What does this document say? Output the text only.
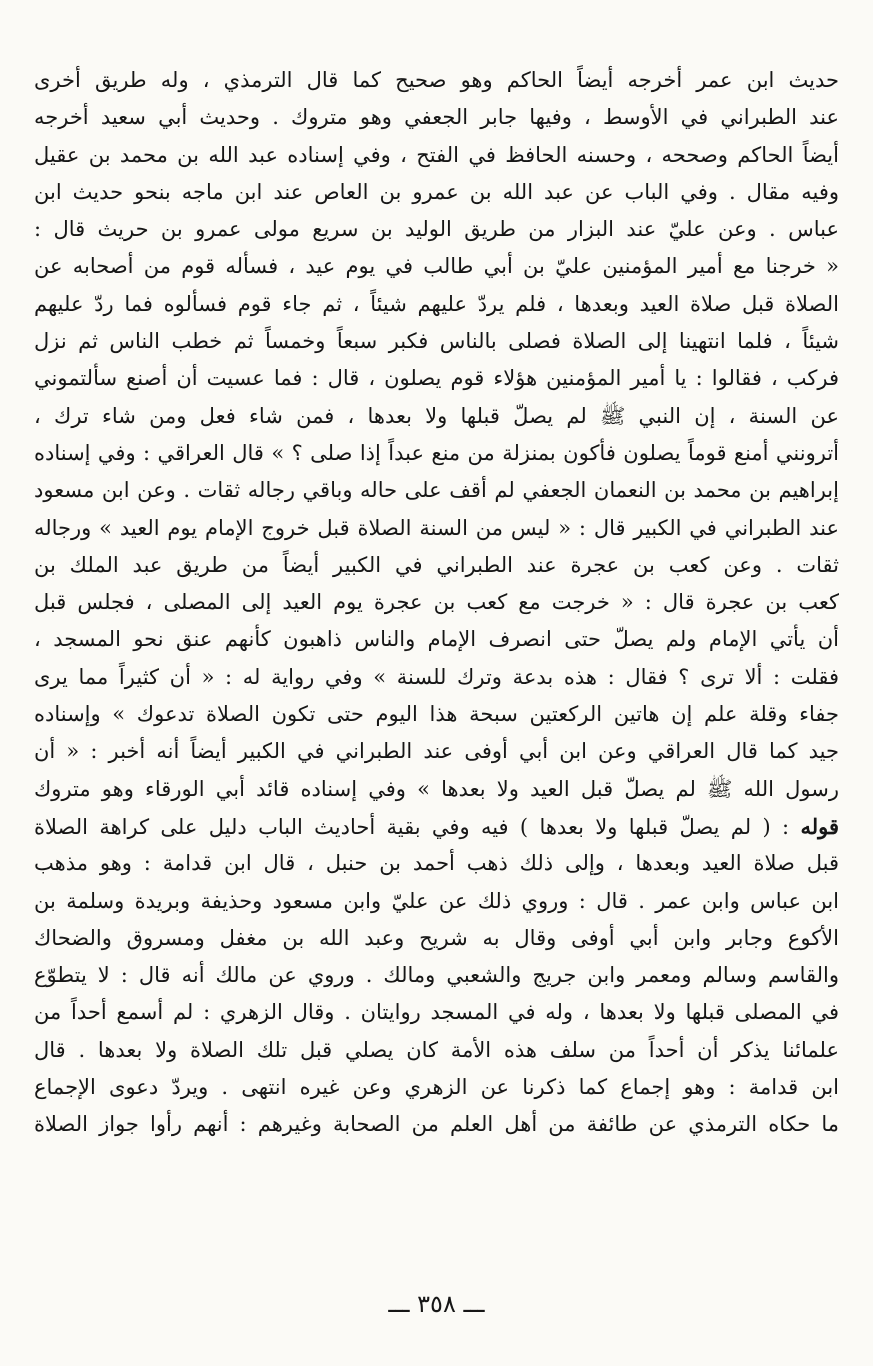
حديث ابن عمر أخرجه أيضاً الحاكم وهو صحيح كما قال الترمذي ، وله طريق أخرى
عند الطبراني في الأوسط ، وفيها جابر الجعفي وهو متروك . وحديث أبي سعيد أخرجه
أيضاً الحاكم وصححه ، وحسنه الحافظ في الفتح ، وفي إسناده عبد الله بن محمد بن عقيل
وفيه مقال . وفي الباب عن عبد الله بن عمرو بن العاص عند ابن ماجه بنحو حديث ابن
عباس . وعن عليّ عند البزار من طريق الوليد بن سريع مولى عمرو بن حريث قال :
« خرجنا مع أمير المؤمنين عليّ بن أبي طالب في يوم عيد ، فسأله قوم من أصحابه عن
الصلاة قبل صلاة العيد وبعدها ، فلم يردّ عليهم شيئاً ، ثم جاء قوم فسألوه فما ردّ عليهم
شيئاً ، فلما انتهينا إلى الصلاة فصلى بالناس فكبر سبعاً وخمساً ثم خطب الناس ثم نزل
فركب ، فقالوا : يا أمير المؤمنين هؤلاء قوم يصلون ، قال : فما عسيت أن أصنع سألتموني
عن السنة ، إن النبي ﷺ لم يصلّ قبلها ولا بعدها ، فمن شاء فعل ومن شاء ترك ،
أترونني أمنع قوماً يصلون فأكون بمنزلة من منع عبداً إذا صلى ؟ » قال العراقي : وفي إسناده
إبراهيم بن محمد بن النعمان الجعفي لم أقف على حاله وباقي رجاله ثقات . وعن ابن مسعود
عند الطبراني في الكبير قال : « ليس من السنة الصلاة قبل خروج الإمام يوم العيد » ورجاله
ثقات . وعن كعب بن عجرة عند الطبراني في الكبير أيضاً من طريق عبد الملك بن
كعب بن عجرة قال : « خرجت مع كعب بن عجرة يوم العيد إلى المصلى ، فجلس قبل
أن يأتي الإمام ولم يصلّ حتى انصرف الإمام والناس ذاهبون كأنهم عنق نحو المسجد ،
فقلت : ألا ترى ؟ فقال : هذه بدعة وترك للسنة » وفي رواية له : « أن كثيراً مما يرى
جفاء وقلة علم إن هاتين الركعتين سبحة هذا اليوم حتى تكون الصلاة تدعوك » وإسناده
جيد كما قال العراقي وعن ابن أبي أوفى عند الطبراني في الكبير أيضاً أنه أخبر : « أن
رسول الله ﷺ لم يصلّ قبل العيد ولا بعدها » وفي إسناده قائد أبي الورقاء وهو متروك
قوله : ( لم يصلّ قبلها ولا بعدها ) فيه وفي بقية أحاديث الباب دليل على كراهة الصلاة
قبل صلاة العيد وبعدها ، وإلى ذلك ذهب أحمد بن حنبل ، قال ابن قدامة : وهو مذهب
ابن عباس وابن عمر . قال : وروي ذلك عن عليّ وابن مسعود وحذيفة وبريدة وسلمة بن
الأكوع وجابر وابن أبي أوفى وقال به شريح وعبد الله بن مغفل ومسروق والضحاك
والقاسم وسالم ومعمر وابن جريج والشعبي ومالك . وروي عن مالك أنه قال : لا يتطوّع
في المصلى قبلها ولا بعدها ، وله في المسجد روايتان . وقال الزهري : لم أسمع أحداً من
علمائنا يذكر أن أحداً من سلف هذه الأمة كان يصلي قبل تلك الصلاة ولا بعدها . قال
ابن قدامة : وهو إجماع كما ذكرنا عن الزهري وعن غيره انتهى . ويردّ دعوى الإجماع
ما حكاه الترمذي عن طائفة من أهل العلم من الصحابة وغيرهم : أنهم رأوا جواز الصلاة
ـــ ٣٥٨ ـــ
